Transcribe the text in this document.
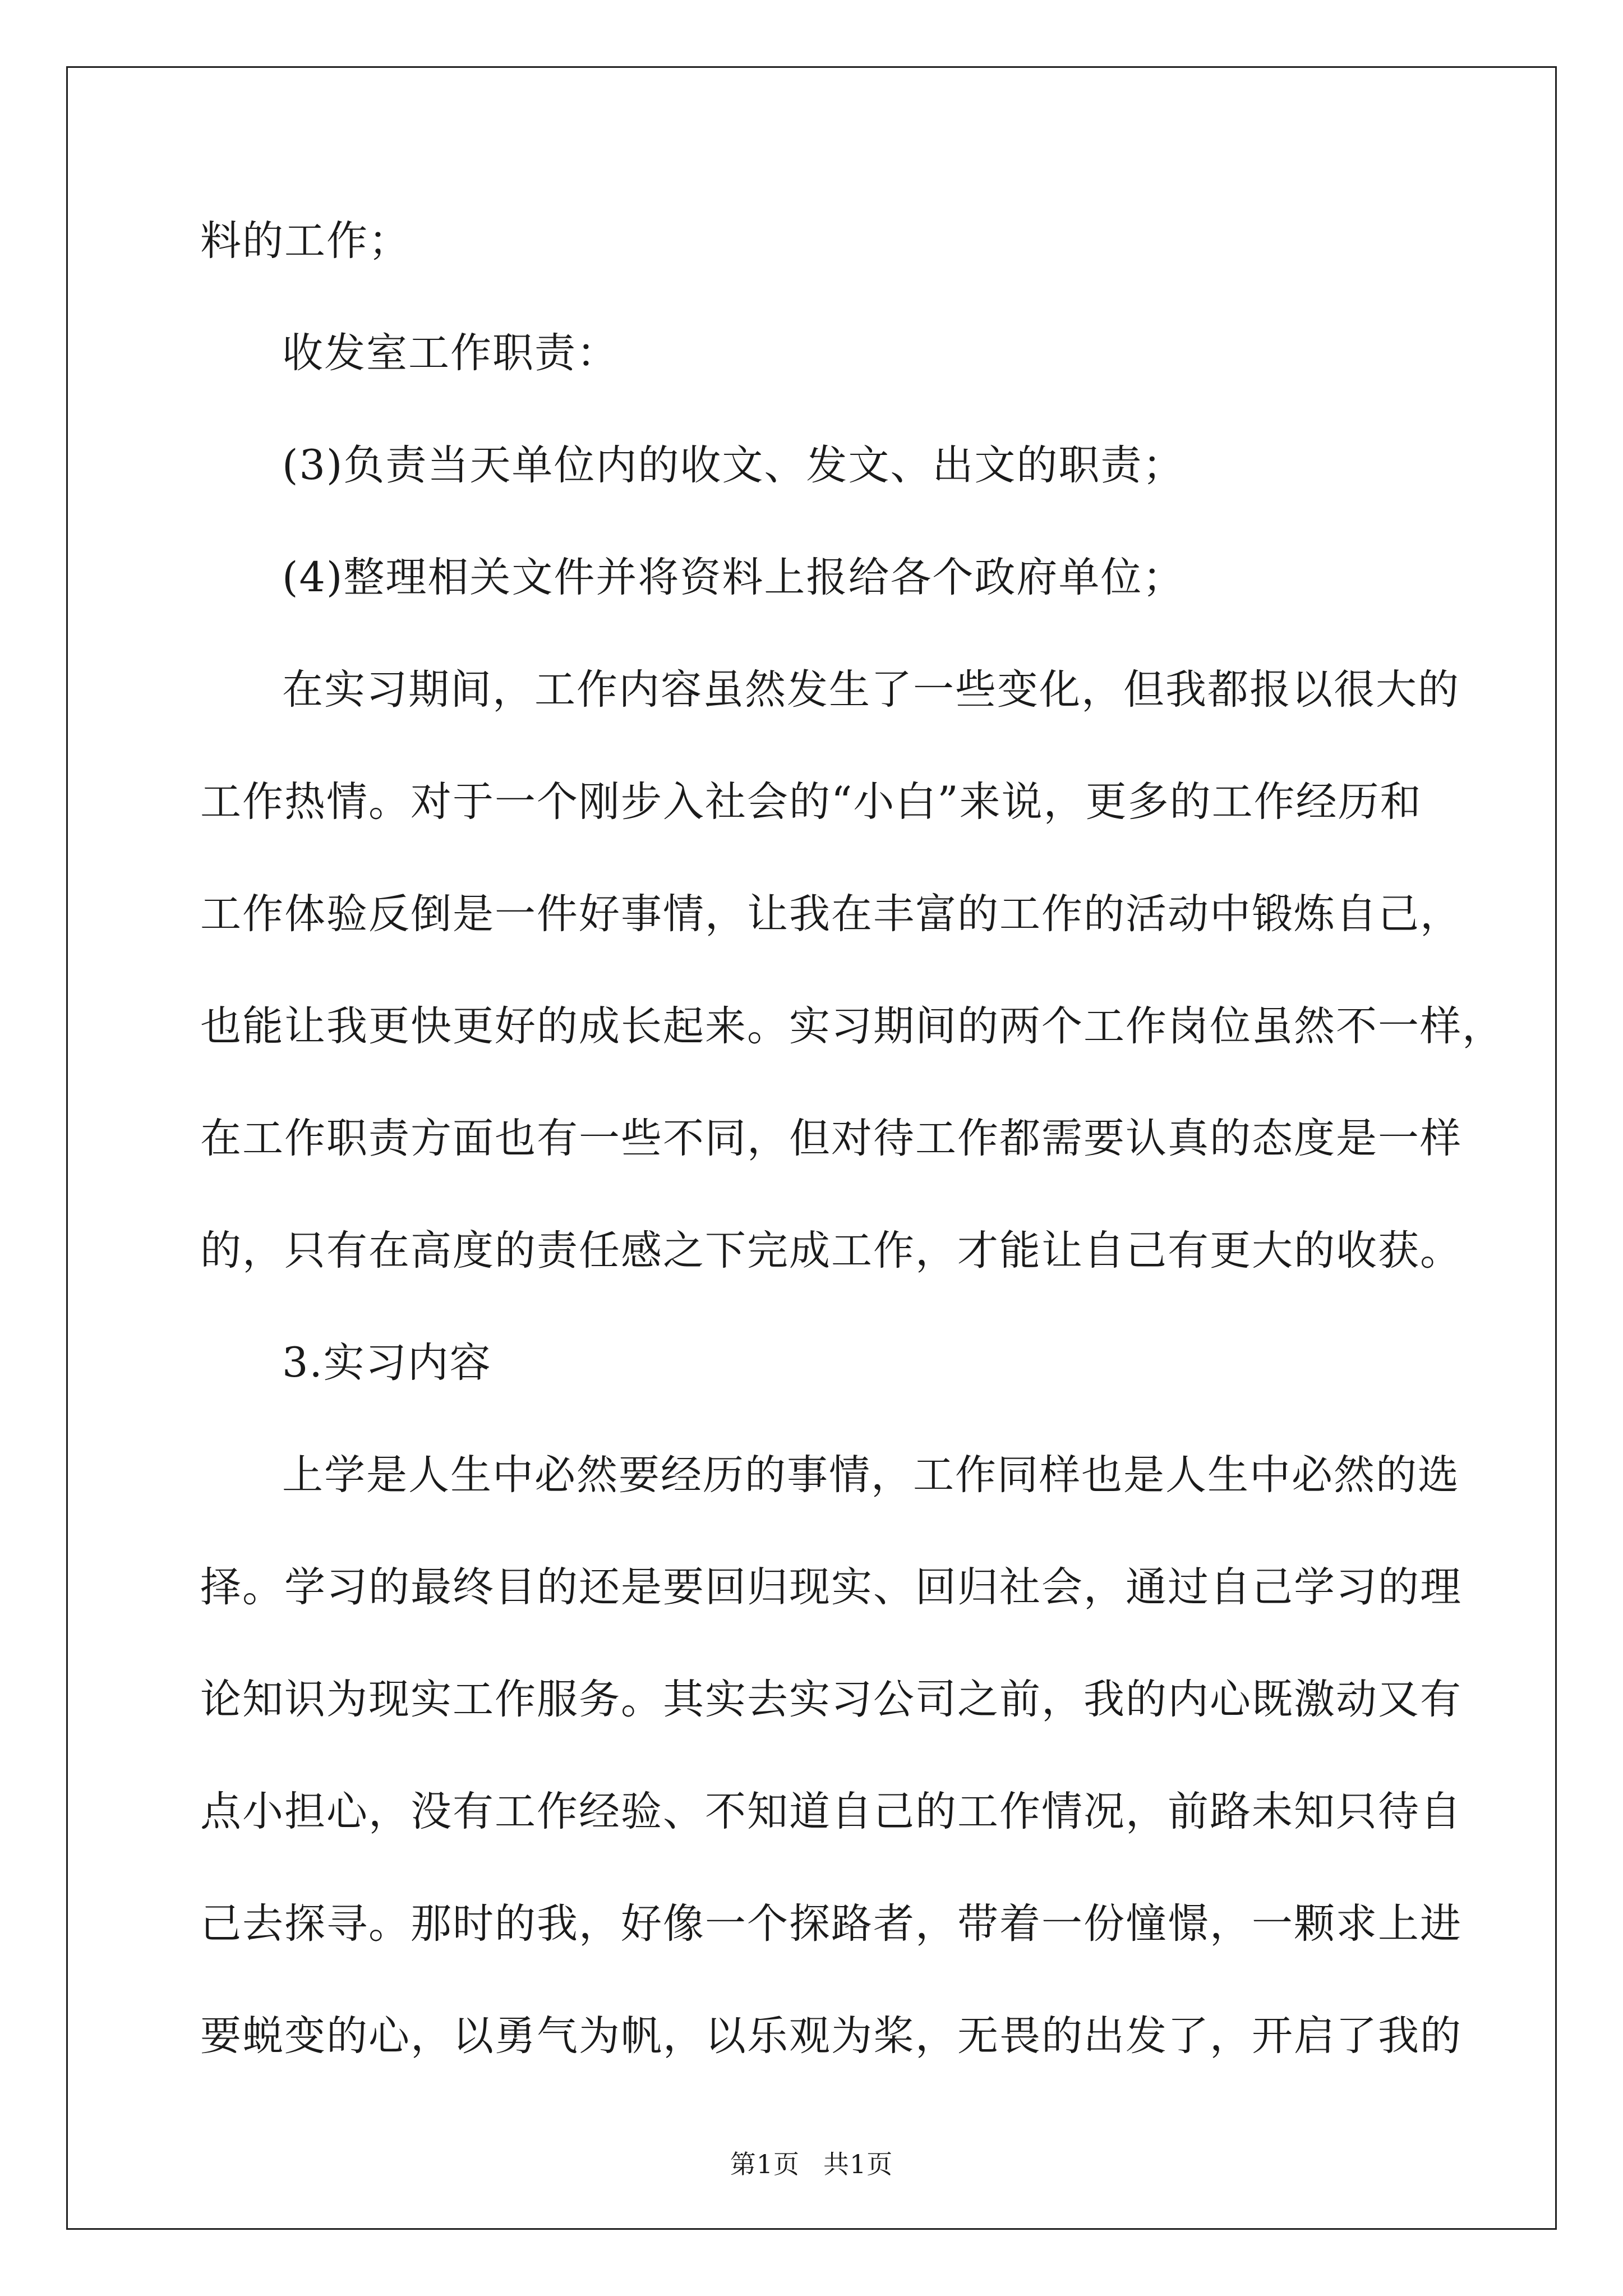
料的工作；
收发室工作职责：
(3)负责当天单位内的收文、发文、出文的职责；
(4)整理相关文件并将资料上报给各个政府单位；
在实习期间，工作内容虽然发生了一些变化，但我都报以很大的
工作热情。对于一个刚步入社会的“小白”来说，更多的工作经历和
工作体验反倒是一件好事情，让我在丰富的工作的活动中锻炼自己，
也能让我更快更好的成长起来。实习期间的两个工作岗位虽然不一样，
在工作职责方面也有一些不同，但对待工作都需要认真的态度是一样
的，只有在高度的责任感之下完成工作，才能让自己有更大的收获。
3.实习内容
上学是人生中必然要经历的事情，工作同样也是人生中必然的选
择。学习的最终目的还是要回归现实、回归社会，通过自己学习的理
论知识为现实工作服务。其实去实习公司之前，我的内心既激动又有
点小担心，没有工作经验、不知道自己的工作情况，前路未知只待自
己去探寻。那时的我，好像一个探路者，带着一份憧憬，一颗求上进
要蜕变的心，以勇气为帆，以乐观为桨，无畏的出发了，开启了我的
第1页 共1页
